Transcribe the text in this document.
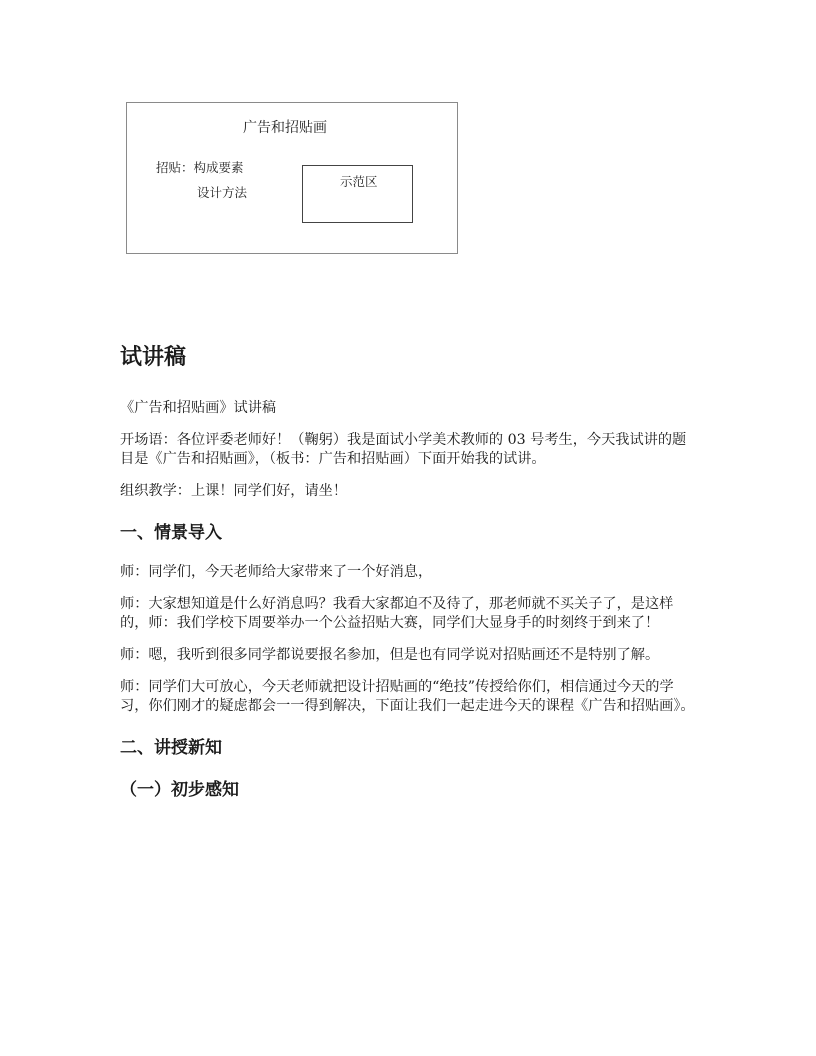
广告和招贴画
招贴：构成要素
设计方法
示范区
试讲稿

《广告和招贴画》试讲稿

开场语：各位评委老师好！（鞠躬）我是面试小学美术教师的 03 号考生，今天我试讲的题目是《广告和招贴画》，（板书：广告和招贴画）下面开始我的试讲。

组织教学：上课！同学们好，请坐！

一、情景导入

师：同学们，今天老师给大家带来了一个好消息，

师：大家想知道是什么好消息吗？我看大家都迫不及待了，那老师就不买关子了，是这样的，师：我们学校下周要举办一个公益招贴大赛，同学们大显身手的时刻终于到来了！

师：嗯，我听到很多同学都说要报名参加，但是也有同学说对招贴画还不是特别了解。

师：同学们大可放心，今天老师就把设计招贴画的“绝技”传授给你们，相信通过今天的学习，你们刚才的疑虑都会一一得到解决，下面让我们一起走进今天的课程《广告和招贴画》。

二、讲授新知
（一）初步感知
